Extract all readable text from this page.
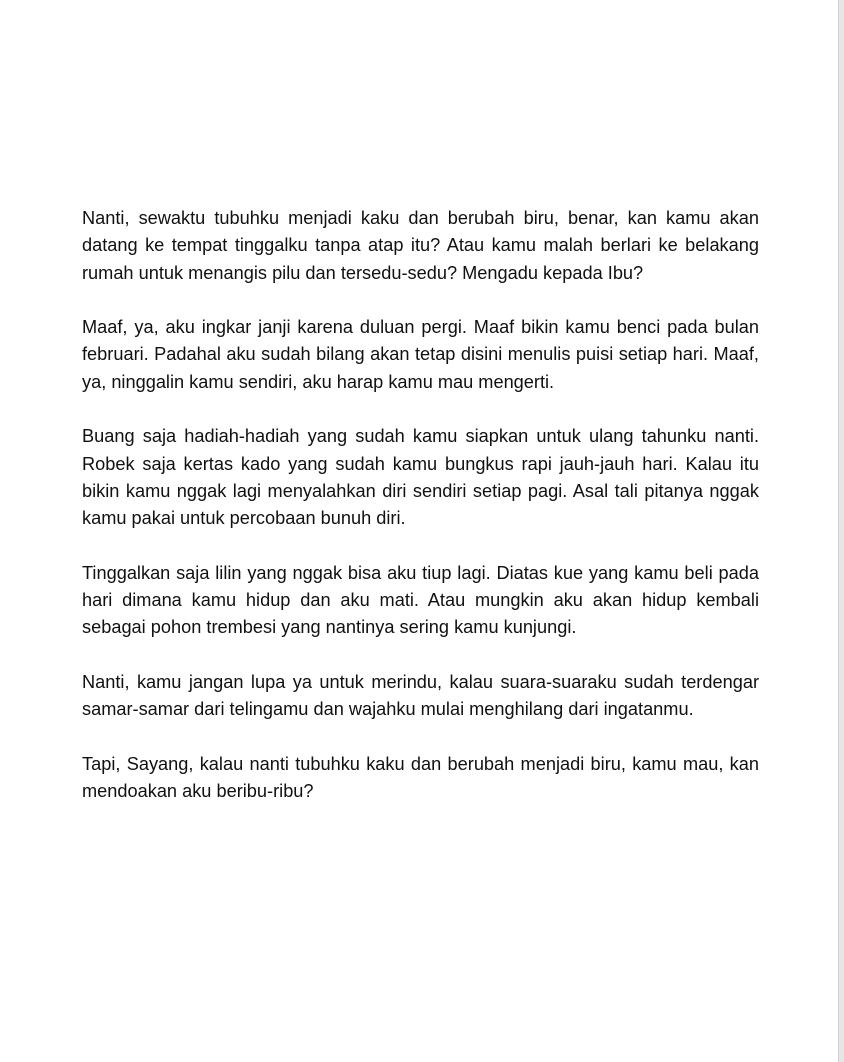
Nanti, sewaktu tubuhku menjadi kaku dan berubah biru, benar, kan kamu akan datang ke tempat tinggalku tanpa atap itu? Atau kamu malah berlari ke belakang rumah untuk menangis pilu dan tersedu-sedu? Mengadu kepada Ibu?

Maaf, ya, aku ingkar janji karena duluan pergi. Maaf bikin kamu benci pada bulan februari. Padahal aku sudah bilang akan tetap disini menulis puisi setiap hari. Maaf, ya, ninggalin kamu sendiri, aku harap kamu mau mengerti.

Buang saja hadiah-hadiah yang sudah kamu siapkan untuk ulang tahunku nanti. Robek saja kertas kado yang sudah kamu bungkus rapi jauh-jauh hari. Kalau itu bikin kamu nggak lagi menyalahkan diri sendiri setiap pagi. Asal tali pitanya nggak kamu pakai untuk percobaan bunuh diri.

Tinggalkan saja lilin yang nggak bisa aku tiup lagi. Diatas kue yang kamu beli pada hari dimana kamu hidup dan aku mati. Atau mungkin aku akan hidup kembali sebagai pohon trembesi yang nantinya sering kamu kunjungi.

Nanti, kamu jangan lupa ya untuk merindu, kalau suara-suaraku sudah terdengar samar-samar dari telingamu dan wajahku mulai menghilang dari ingatanmu.

Tapi, Sayang, kalau nanti tubuhku kaku dan berubah menjadi biru, kamu mau, kan mendoakan aku beribu-ribu?
